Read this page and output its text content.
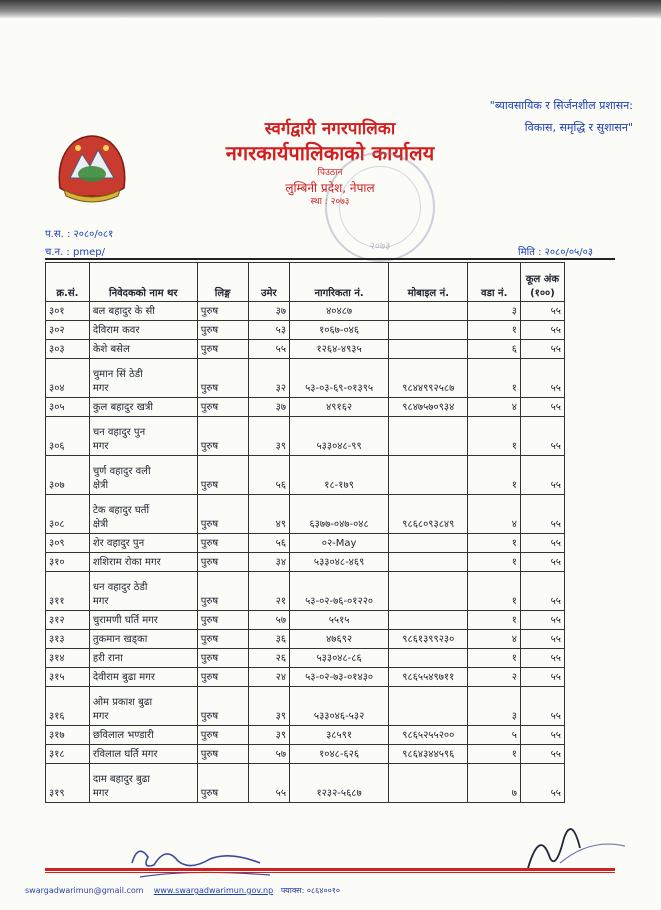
"ब्यावसायिक र सिर्जनशील प्रशासन:
विकास, समृद्धि र सुशासन"
स्वर्गद्वारी नगरपालिका
नगरकार्यपालिकाको कार्यालय
पिउठान
लुम्बिनी प्रदेश, नेपाल
स्था : २०७३
२०७३
प.स. : २०८०/०८१
च.न. : pmep/	मिति : २०८०/०५/०३
क्र.सं.	निवेदकको नाम थर	लिङ्ग	उमेर	नागरिकता नं.	मोबाइल नं.	वडा नं.	कूल अंक
(१००)

३०१	बल बहादुर के सी	पुरुष	३७	४०४८७		३	५५
३०२	देविराम कवर	पुरुष	५३	१०६७-०४६		१	५५
३०३	केशे बसेल	पुरुष	५५	१२६४-४९३५		६	५५
३०४	चुमान सिं ठेडी
मगर	पुरुष	३२	५३-०३-६९-०१३९५	९८४४९९२५८७	१	५५
३०५	कुल बहादुर खत्री	पुरुष	३७	४९१६२	९८४७५७०९३४	४	५५
३०६	चन वहादुर पुन
मगर	पुरुष	३९	५३३०४८-९९		१	५५
३०७	चुर्ण वहादुर वली
क्षेत्री	पुरुष	५६	१८-१७९		१	५५
३०८	टेक बहादुर घर्ती
क्षेत्री	पुरुष	४९	६३७७-०४७-०४८	९८६८०९३८४९	४	५५
३०९	शेर वहादुर पुन	पुरुष	५६	०२-May		१	५५
३१०	शशिराम रोका मगर	पुरुष	३४	५३३०४८-४६९		१	५५
३११	धन वहादुर ठेडी
मगर	पुरुष	२१	५३-०२-७६-०१२२०		१	५५
३१२	चुरामणी घर्ति मगर	पुरुष	५७	५५१५		१	५५
३१३	तुकमान खड्का	पुरुष	३६	४७६९२	९८६१३९९२३०	४	५५
३१४	हरी राना	पुरुष	२६	५३३०४८-८६		१	५५
३१५	देवीराम बुढा मगर	पुरुष	२४	५३-०२-७३-०१४३०	९८६५५४९७११	२	५५
३१६	ओम प्रकाश बुढा
मगर	पुरुष	३९	५३३०४६-५३२		३	५५
३१७	छविलाल भण्डारी	पुरुष	३९	३८५९१	९८६५२५५२००	५	५५
३१८	रविलाल घर्ति मगर	पुरुष	५७	१०४८-६२६	९८६४३४४५९६	१	५५
३१९	दाम बहादुर बुढा
मगर	पुरुष	५५	१२३२-५६८७		७	५५
swargadwarimun@gmail.com www.swargadwarimun.gov.np फ्याक्स: ०८६४००१०
